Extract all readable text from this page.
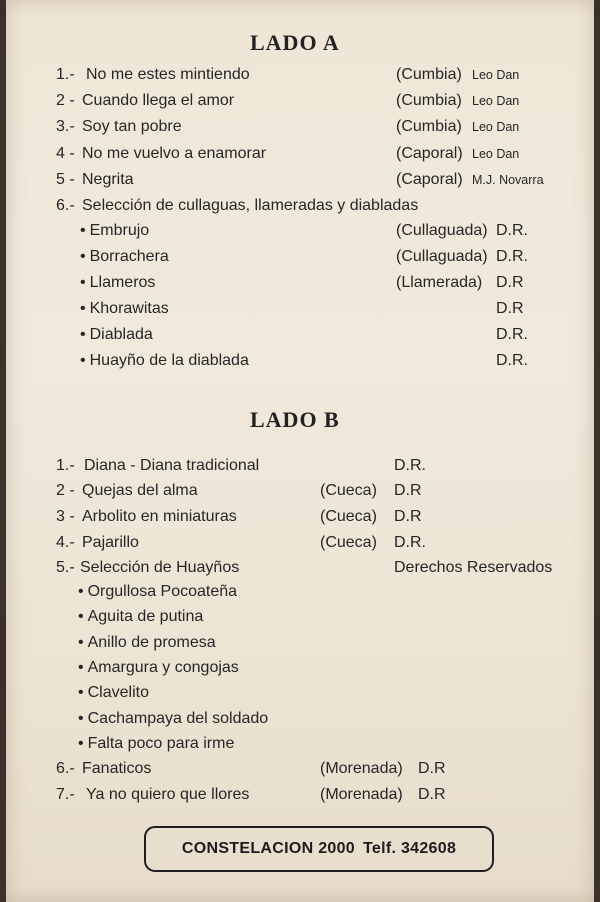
LADO A
1.- No me estes mintiendo	(Cumbia) Leo Dan
2 - Cuando llega el amor	(Cumbia) Leo Dan
3.- Soy tan pobre	(Cumbia) Leo Dan
4 - No me vuelvo a enamorar	(Caporal) Leo Dan
5 - Negrita	(Caporal) M.J. Novarra
6.- Selección de cullaguas, llameradas y diabladas
• Embrujo	(Cullaguada) D.R.
• Borrachera	(Cullaguada) D.R.
• Llameros	(Llamerada) D.R
• Khorawitas	D.R
• Diablada	D.R.
• Huayño de la diablada	D.R.
LADO B
1.- Diana - Diana tradicional	D.R.
2 - Quejas del alma	(Cueca) D.R
3 - Arbolito en miniaturas	(Cueca) D.R
4.- Pajarillo	(Cueca) D.R.
5.- Selección de Huayños	Derechos Reservados
• Orgullosa Pocoateña
• Aguita de putina
• Anillo de promesa
• Amargura y congojas
• Clavelito
• Cachampaya del soldado
• Falta poco para irme
6.- Fanaticos	(Morenada) D.R
7.- Ya no quiero que llores	(Morenada) D.R
CONSTELACION 2000 Telf. 342608
